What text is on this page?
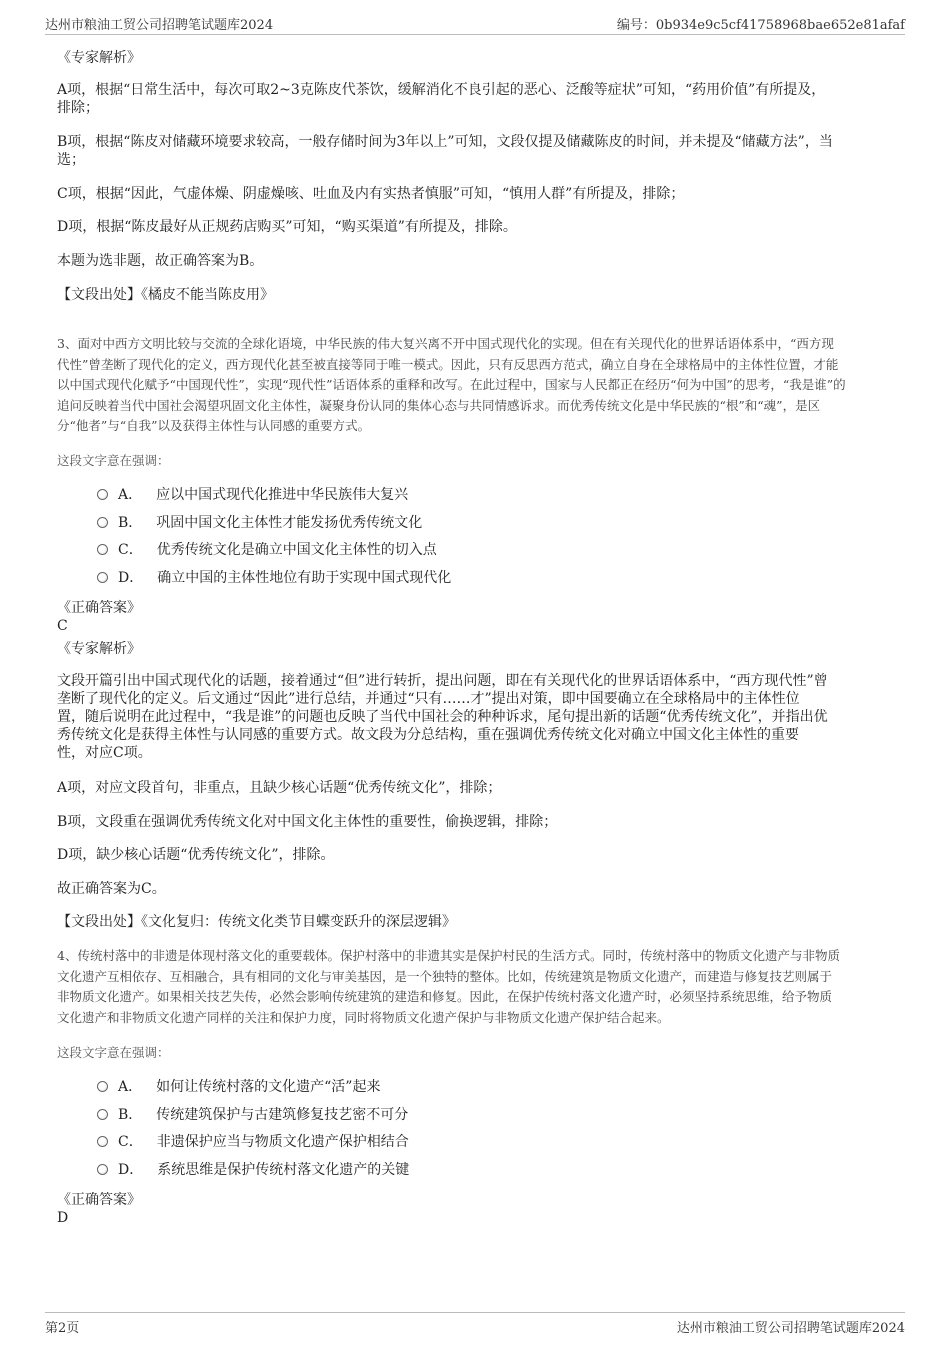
达州市粮油工贸公司招聘笔试题库2024	编号：0b934e9c5cf41758968bae652e81afaf
《专家解析》
A项，根据“日常生活中，每次可取2~3克陈皮代茶饮，缓解消化不良引起的恶心、泛酸等症状”可知，“药用价值”有所提及，
排除；
B项，根据“陈皮对储藏环境要求较高，一般存储时间为3年以上”可知，文段仅提及储藏陈皮的时间，并未提及“储藏方法”，当
选；
C项，根据“因此，气虚体燥、阴虚燥咳、吐血及内有实热者慎服”可知，“慎用人群”有所提及，排除；
D项，根据“陈皮最好从正规药店购买”可知，“购买渠道”有所提及，排除。
本题为选非题，故正确答案为B。
【文段出处】《橘皮不能当陈皮用》

3、面对中西方文明比较与交流的全球化语境，中华民族的伟大复兴离不开中国式现代化的实现。但在有关现代化的世界话语体系中，“西方现

代性”曾垄断了现代化的定义，西方现代化甚至被直接等同于唯一模式。因此，只有反思西方范式，确立自身在全球格局中的主体性位置，才能

以中国式现代化赋予“中国现代性”，实现“现代性”话语体系的重释和改写。在此过程中，国家与人民都正在经历“何为中国”的思考，“我是谁”的

追问反映着当代中国社会渴望巩固文化主体性，凝聚身份认同的集体心态与共同情感诉求。而优秀传统文化是中华民族的“根”和“魂”，是区

分“他者”与“自我”以及获得主体性与认同感的重要方式。

这段文字意在强调：
A． 应以中国式现代化推进中华民族伟大复兴
B． 巩固中国文化主体性才能发扬优秀传统文化
C． 优秀传统文化是确立中国文化主体性的切入点
D． 确立中国的主体性地位有助于实现中国式现代化
《正确答案》
C
《专家解析》

文段开篇引出中国式现代化的话题，接着通过“但”进行转折，提出问题，即在有关现代化的世界话语体系中，“西方现代性”曾

垄断了现代化的定义。后文通过“因此”进行总结，并通过“只有……才”提出对策，即中国要确立在全球格局中的主体性位

置，随后说明在此过程中，“我是谁”的问题也反映了当代中国社会的种种诉求，尾句提出新的话题“优秀传统文化”，并指出优

秀传统文化是获得主体性与认同感的重要方式。故文段为分总结构，重在强调优秀传统文化对确立中国文化主体性的重要

性，对应C项。

A项，对应文段首句，非重点，且缺少核心话题“优秀传统文化”，排除；
B项，文段重在强调优秀传统文化对中国文化主体性的重要性，偷换逻辑，排除；
D项，缺少核心话题“优秀传统文化”，排除。
故正确答案为C。
【文段出处】《文化复归：传统文化类节目蝶变跃升的深层逻辑》

4、传统村落中的非遗是体现村落文化的重要载体。保护村落中的非遗其实是保护村民的生活方式。同时，传统村落中的物质文化遗产与非物质

文化遗产互相依存、互相融合，具有相同的文化与审美基因，是一个独特的整体。比如，传统建筑是物质文化遗产，而建造与修复技艺则属于

非物质文化遗产。如果相关技艺失传，必然会影响传统建筑的建造和修复。因此，在保护传统村落文化遗产时，必须坚持系统思维，给予物质

文化遗产和非物质文化遗产同样的关注和保护力度，同时将物质文化遗产保护与非物质文化遗产保护结合起来。

这段文字意在强调：
A． 如何让传统村落的文化遗产“活”起来
B． 传统建筑保护与古建筑修复技艺密不可分
C． 非遗保护应当与物质文化遗产保护相结合
D． 系统思维是保护传统村落文化遗产的关键
《正确答案》
D
第2页	达州市粮油工贸公司招聘笔试题库2024
